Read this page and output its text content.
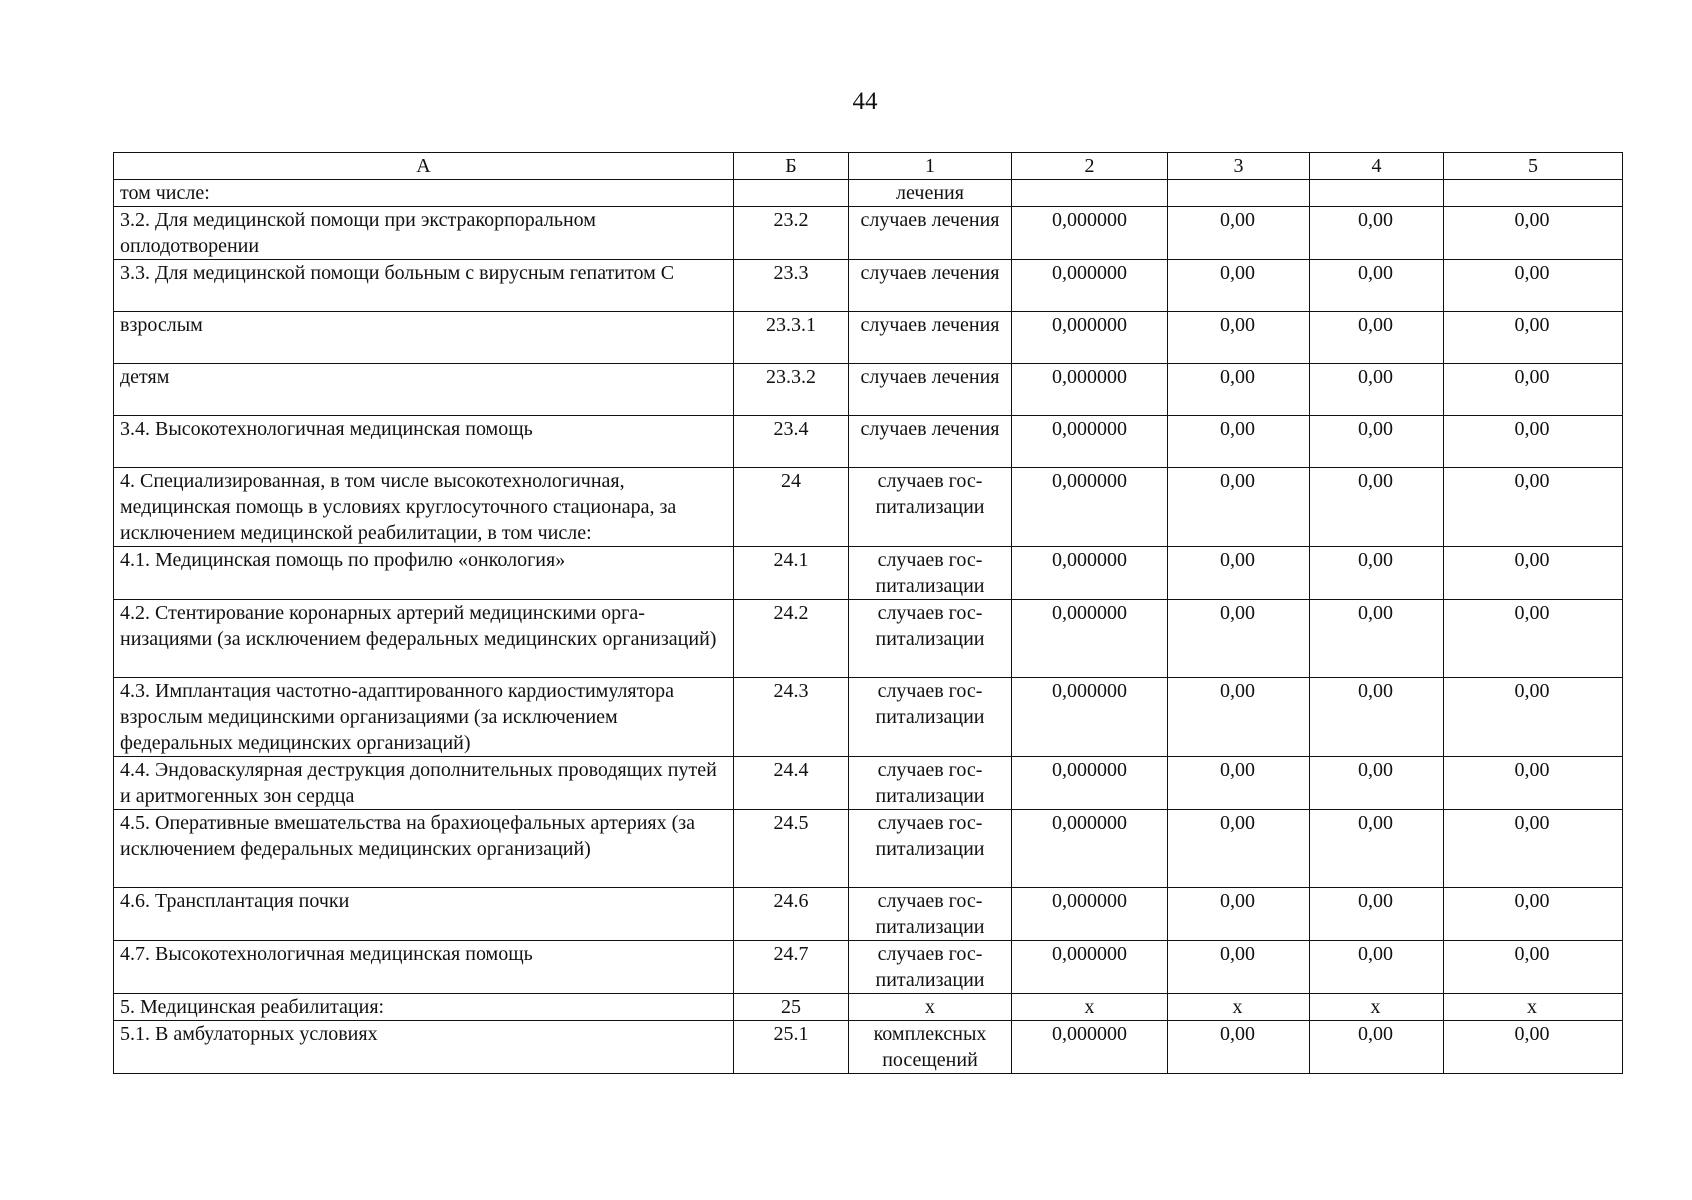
44
А	Б	1	2	3	4	5
том числе:		лечения				
3.2. Для медицинской помощи при экстракорпоральном оплодотворении	23.2	случаев лечения	0,000000	0,00	0,00	0,00
3.3. Для медицинской помощи больным с вирусным гепатитом С	23.3	случаев лечения	0,000000	0,00	0,00	0,00
взрослым	23.3.1	случаев лечения	0,000000	0,00	0,00	0,00
детям	23.3.2	случаев лечения	0,000000	0,00	0,00	0,00
3.4. Высокотехнологичная медицинская помощь	23.4	случаев лечения	0,000000	0,00	0,00	0,00
4. Специализированная, в том числе высокотехнологичная, медицинская помощь в условиях круглосуточного стационара, за исключением медицинской реабилитации, в том числе:	24	случаев госпитализации	0,000000	0,00	0,00	0,00
4.1. Медицинская помощь по профилю «онкология»	24.1	случаев госпитализации	0,000000	0,00	0,00	0,00
4.2. Стентирование коронарных артерий медицинскими организациями (за исключением федеральных медицинских организаций)	24.2	случаев госпитализации	0,000000	0,00	0,00	0,00
4.3. Имплантация частотно-адаптированного кардиостимулятора взрослым медицинскими организациями (за исключением федеральных медицинских организаций)	24.3	случаев госпитализации	0,000000	0,00	0,00	0,00
4.4. Эндоваскулярная деструкция дополнительных проводящих путей и аритмогенных зон сердца	24.4	случаев госпитализации	0,000000	0,00	0,00	0,00
4.5. Оперативные вмешательства на брахиоцефальных артериях (за исключением федеральных медицинских организаций)	24.5	случаев госпитализации	0,000000	0,00	0,00	0,00
4.6. Трансплантация почки	24.6	случаев госпитализации	0,000000	0,00	0,00	0,00
4.7. Высокотехнологичная медицинская помощь	24.7	случаев госпитализации	0,000000	0,00	0,00	0,00
5. Медицинская реабилитация:	25	х	х	х	х	х
5.1. В амбулаторных условиях	25.1	комплексных посещений	0,000000	0,00	0,00	0,00
